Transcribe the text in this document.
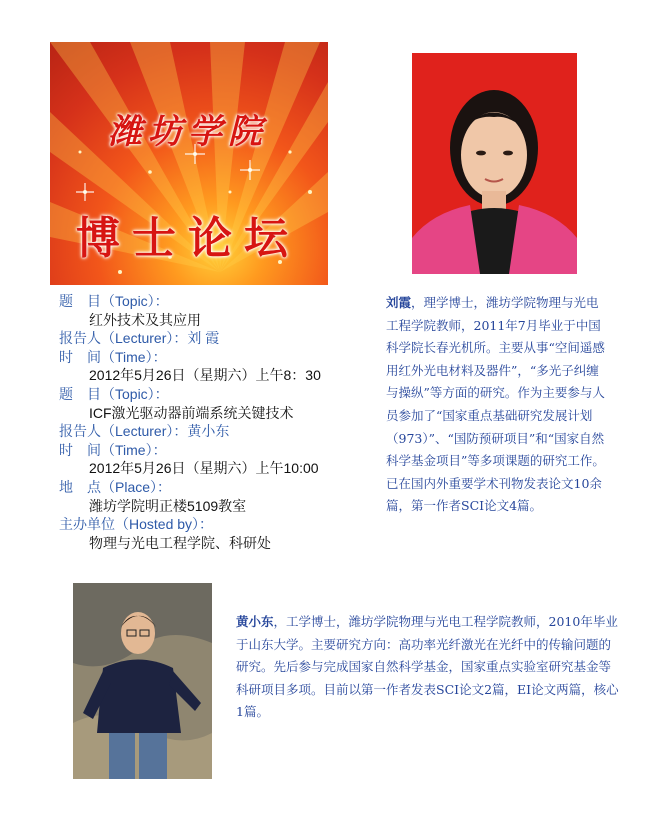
潍坊学院
博士论坛
题　目（Topic）：
红外技术及其应用
报告人（Lecturer）：刘 霞
时　间（Time）：
2012年5月26日（星期六）上午8：30
题　目（Topic）：
ICF激光驱动器前端系统关键技术
报告人（Lecturer）：黄小东
时　间（Time）：
2012年5月26日（星期六）上午10:00
地　点（Place）：
潍坊学院明正楼5109教室
主办单位（Hosted by）：
物理与光电工程学院、科研处
刘霞，理学博士，潍坊学院物理与光电工程学院教师，2011年7月毕业于中国科学院长春光机所。主要从事“空间遥感用红外光电材料及器件”，“多光子纠缠与操纵”等方面的研究。作为主要参与人员参加了“国家重点基础研究发展计划（973）”、“国防预研项目”和“国家自然科学基金项目”等多项课题的研究工作。已在国内外重要学术刊物发表论文10余篇，第一作者SCI论文4篇。
黄小东，工学博士，潍坊学院物理与光电工程学院教师，2010年毕业于山东大学。主要研究方向：高功率光纤激光在光纤中的传输问题的研究。先后参与完成国家自然科学基金，国家重点实验室研究基金等科研项目多项。目前以第一作者发表SCI论文2篇，EI论文两篇，核心1篇。
